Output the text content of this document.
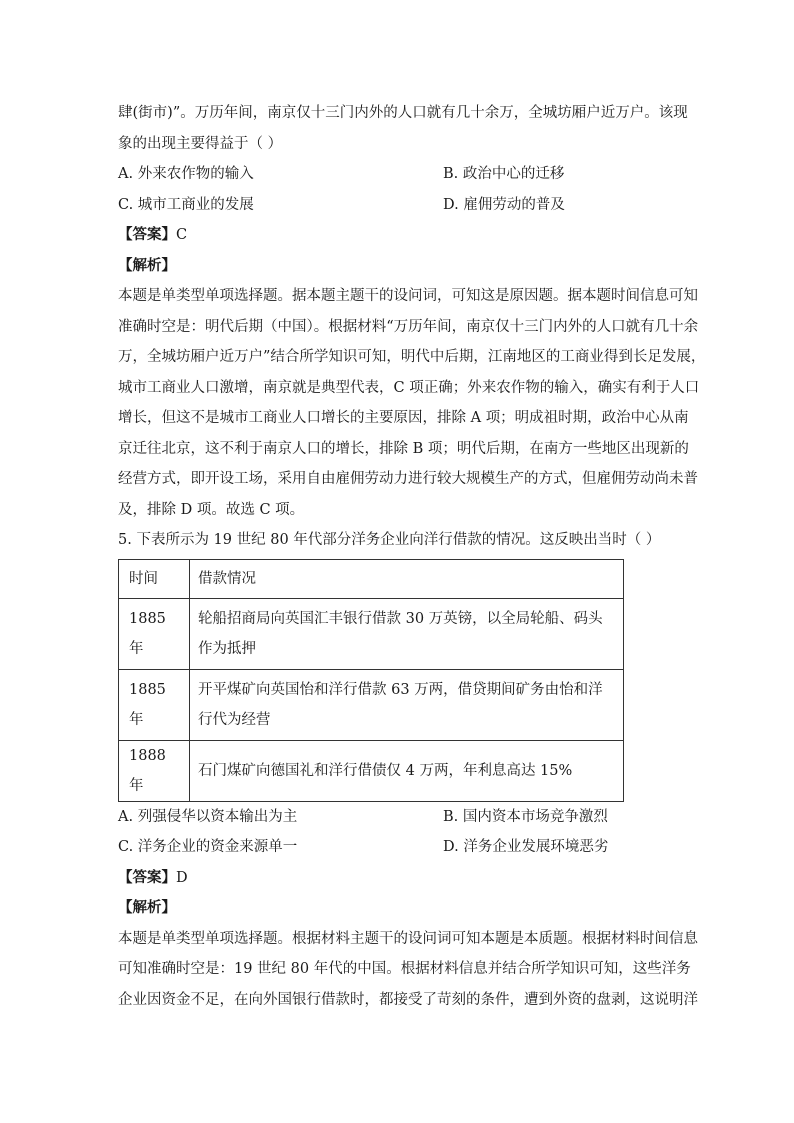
肆(街市)”。万历年间，南京仅十三门内外的人口就有几十余万，全城坊厢户近万户。该现
象的出现主要得益于（ ）
A. 外来农作物的输入	B. 政治中心的迁移
C. 城市工商业的发展	D. 雇佣劳动的普及
【答案】C
【解析】
本题是单类型单项选择题。据本题主题干的设问词，可知这是原因题。据本题时间信息可知
准确时空是：明代后期（中国）。根据材料“万历年间，南京仅十三门内外的人口就有几十余
万，全城坊厢户近万户”结合所学知识可知，明代中后期，江南地区的工商业得到长足发展，
城市工商业人口激增，南京就是典型代表，C 项正确；外来农作物的输入，确实有利于人口
增长，但这不是城市工商业人口增长的主要原因，排除 A 项；明成祖时期，政治中心从南
京迁往北京，这不利于南京人口的增长，排除 B 项；明代后期，在南方一些地区出现新的
经营方式，即开设工场，采用自由雇佣劳动力进行较大规模生产的方式，但雇佣劳动尚未普
及，排除 D 项。故选 C 项。
5. 下表所示为 19 世纪 80 年代部分洋务企业向洋行借款的情况。这反映出当时（ ）
时间	借款情况
1885 年	轮船招商局向英国汇丰银行借款 30 万英镑，以全局轮船、码头作为抵押
1885 年	开平煤矿向英国怡和洋行借款 63 万两，借贷期间矿务由怡和洋行代为经营
1888 年	石门煤矿向德国礼和洋行借债仅 4 万两，年利息高达 15%
A. 列强侵华以资本输出为主	B. 国内资本市场竞争激烈
C. 洋务企业的资金来源单一	D. 洋务企业发展环境恶劣
【答案】D
【解析】
本题是单类型单项选择题。根据材料主题干的设问词可知本题是本质题。根据材料时间信息
可知准确时空是：19 世纪 80 年代的中国。根据材料信息并结合所学知识可知，这些洋务
企业因资金不足，在向外国银行借款时，都接受了苛刻的条件，遭到外资的盘剥，这说明洋
